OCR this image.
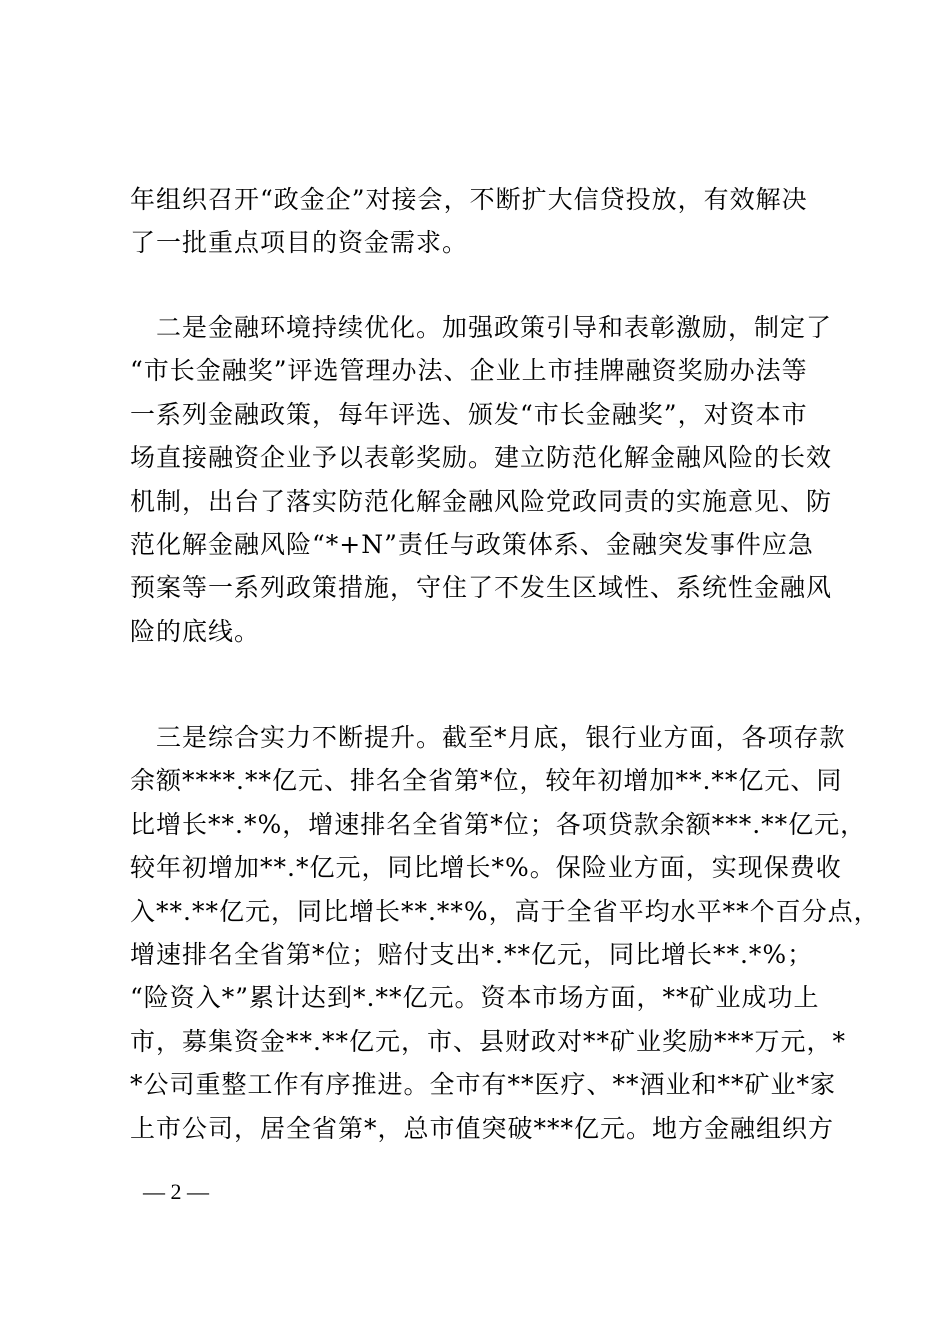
年组织召开“政金企”对接会，不断扩大信贷投放，有效解决
了一批重点项目的资金需求。
　二是金融环境持续优化。加强政策引导和表彰激励，制定了
“市长金融奖”评选管理办法、企业上市挂牌融资奖励办法等
一系列金融政策，每年评选、颁发“市长金融奖”，对资本市
场直接融资企业予以表彰奖励。建立防范化解金融风险的长效
机制，出台了落实防范化解金融风险党政同责的实施意见、防
范化解金融风险“*+N”责任与政策体系、金融突发事件应急
预案等一系列政策措施，守住了不发生区域性、系统性金融风
险的底线。
　三是综合实力不断提升。截至*月底，银行业方面，各项存款
余额****.**亿元、排名全省第*位，较年初增加**.**亿元、同
比增长**.*%，增速排名全省第*位；各项贷款余额***.**亿元，
较年初增加**.*亿元，同比增长*%。保险业方面，实现保费收
入**.**亿元，同比增长**.**%，高于全省平均水平**个百分点，
增速排名全省第*位；赔付支出*.**亿元，同比增长**.*%；
“险资入*”累计达到*.**亿元。资本市场方面，**矿业成功上
市，募集资金**.**亿元，市、县财政对**矿业奖励***万元，*
*公司重整工作有序推进。全市有**医疗、**酒业和**矿业*家
上市公司，居全省第*，总市值突破***亿元。地方金融组织方
— 2 —
